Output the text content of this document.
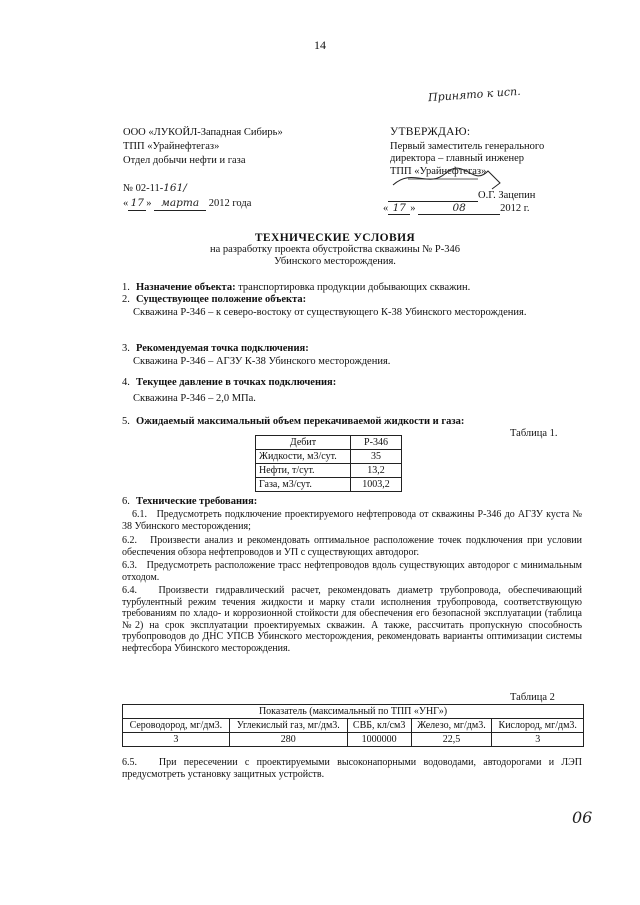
14
Принято к исп.
ООО «ЛУКОЙЛ-Западная Сибирь»
ТПП «Урайнефтегаз»
Отдел добычи нефти и газа
№ 02-11-161/
« 17 » марта 2012 года
УТВЕРЖДАЮ:
Первый заместитель генерального
директора – главный инженер
ТПП «Урайнефтегаз»
О.Г. Зацепин
« 17 »	08	2012 г.
ТЕХНИЧЕСКИЕ УСЛОВИЯ
на разработку проекта обустройства скважины № Р-346
Убинского месторождения.
1. Назначение объекта: транспортировка продукции добывающих скважин.
2. Существующее положение объекта:
Скважина Р-346 – к северо-востоку от существующего К-38 Убинского месторождения.
3. Рекомендуемая точка подключения:
Скважина Р-346 – АГЗУ К-38 Убинского месторождения.
4. Текущее давление в точках подключения:
Скважина Р-346 – 2,0 МПа.
5. Ожидаемый максимальный объем перекачиваемой жидкости и газа:
Таблица 1.
Дебит	Р-346
Жидкости, м3/сут.	35
Нефти, т/сут.	13,2
Газа, м3/сут.	1003,2
6. Технические требования:
6.1. Предусмотреть подключение проектируемого нефтепровода от скважины Р-346 до АГЗУ куста № 38 Убинского месторождения;
6.2. Произвести анализ и рекомендовать оптимальное расположение точек подключения при условии обеспечения обзора нефтепроводов и УП с существующих автодорог.
6.3. Предусмотреть расположение трасс нефтепроводов вдоль существующих автодорог с минимальным отходом.
6.4. Произвести гидравлический расчет, рекомендовать диаметр трубопровода, обеспечивающий турбулентный режим течения жидкости и марку стали исполнения трубопровода, соответствующую требованиям по хладо- и коррозионной стойкости для обеспечения его безопасной эксплуатации (таблица №2) на срок эксплуатации проектируемых скважин. А также, рассчитать пропускную способность трубопроводов до ДНС УПСВ Убинского месторождения, рекомендовать варианты оптимизации системы нефтесбора Убинского месторождения.
Таблица 2
Показатель (максимальный по ТПП «УНГ»)				
Сероводород, мг/дм3.	Углекислый газ, мг/дм3.	СВБ, кл/см3	Железо, мг/дм3.	Кислород, мг/дм3.
3	280	1000000	22,5	3
6.5. При пересечении с проектируемыми высоконапорными водоводами, автодорогами и ЛЭП предусмотреть установку защитных устройств.
06
